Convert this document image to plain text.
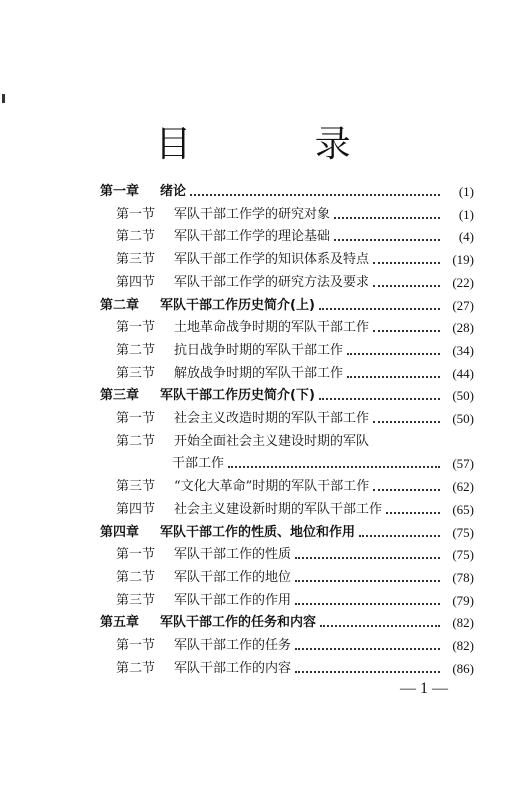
目 录
第一章	绪论	(1)
第一节	军队干部工作学的研究对象	(1)
第二节	军队干部工作学的理论基础	(4)
第三节	军队干部工作学的知识体系及特点	(19)
第四节	军队干部工作学的研究方法及要求	(22)
第二章	军队干部工作历史简介(上)	(27)
第一节	土地革命战争时期的军队干部工作	(28)
第二节	抗日战争时期的军队干部工作	(34)
第三节	解放战争时期的军队干部工作	(44)
第三章	军队干部工作历史简介(下)	(50)
第一节	社会主义改造时期的军队干部工作	(50)
第二节	开始全面社会主义建设时期的军队
干部工作	(57)
第三节	“文化大革命”时期的军队干部工作	(62)
第四节	社会主义建设新时期的军队干部工作	(65)
第四章	军队干部工作的性质、地位和作用	(75)
第一节	军队干部工作的性质	(75)
第二节	军队干部工作的地位	(78)
第三节	军队干部工作的作用	(79)
第五章	军队干部工作的任务和内容	(82)
第一节	军队干部工作的任务	(82)
第二节	军队干部工作的内容	(86)
— 1 —
